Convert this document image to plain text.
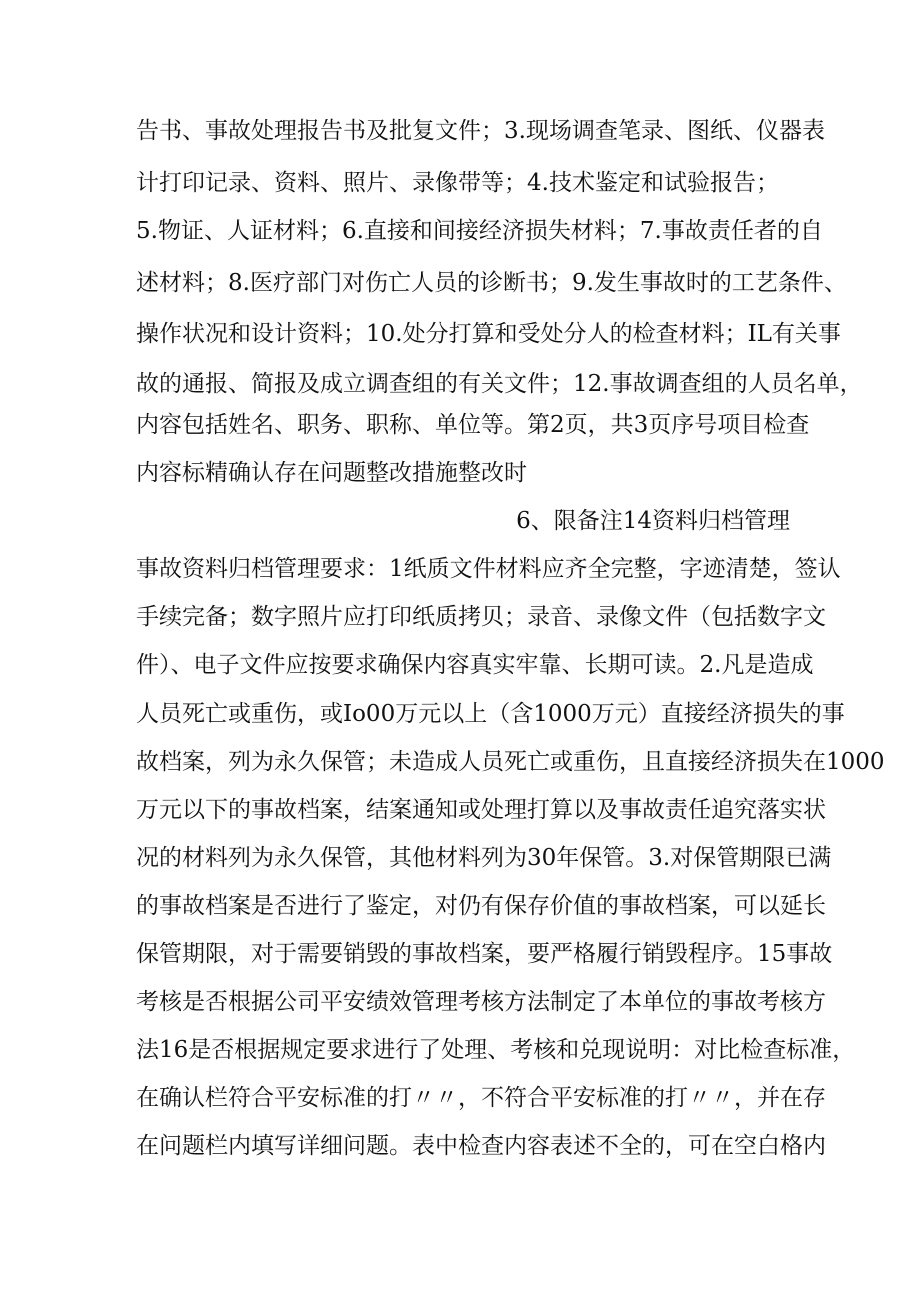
告书、事故处理报告书及批复文件；3.现场调查笔录、图纸、仪器表
计打印记录、资料、照片、录像带等；4.技术鉴定和试验报告；
5.物证、人证材料；6.直接和间接经济损失材料；7.事故责任者的自
述材料；8.医疗部门对伤亡人员的诊断书；9.发生事故时的工艺条件、
操作状况和设计资料；10.处分打算和受处分人的检查材料；IL有关事
故的通报、简报及成立调查组的有关文件；12.事故调查组的人员名单，
内容包括姓名、职务、职称、单位等。第2页，共3页序号项目检查
内容标精确认存在问题整改措施整改时
6、限备注14资料归档管理
事故资料归档管理要求：1纸质文件材料应齐全完整，字迹清楚，签认
手续完备；数字照片应打印纸质拷贝；录音、录像文件（包括数字文
件）、电子文件应按要求确保内容真实牢靠、长期可读。2.凡是造成
人员死亡或重伤，或Io00万元以上（含1000万元）直接经济损失的事
故档案，列为永久保管；未造成人员死亡或重伤，且直接经济损失在1000
万元以下的事故档案，结案通知或处理打算以及事故责任追究落实状
况的材料列为永久保管，其他材料列为30年保管。3.对保管期限已满
的事故档案是否进行了鉴定，对仍有保存价值的事故档案，可以延长
保管期限，对于需要销毁的事故档案，要严格履行销毁程序。15事故
考核是否根据公司平安绩效管理考核方法制定了本单位的事故考核方
法16是否根据规定要求进行了处理、考核和兑现说明：对比检查标准，
在确认栏符合平安标准的打〃〃，不符合平安标准的打〃〃，并在存
在问题栏内填写详细问题。表中检查内容表述不全的，可在空白格内
